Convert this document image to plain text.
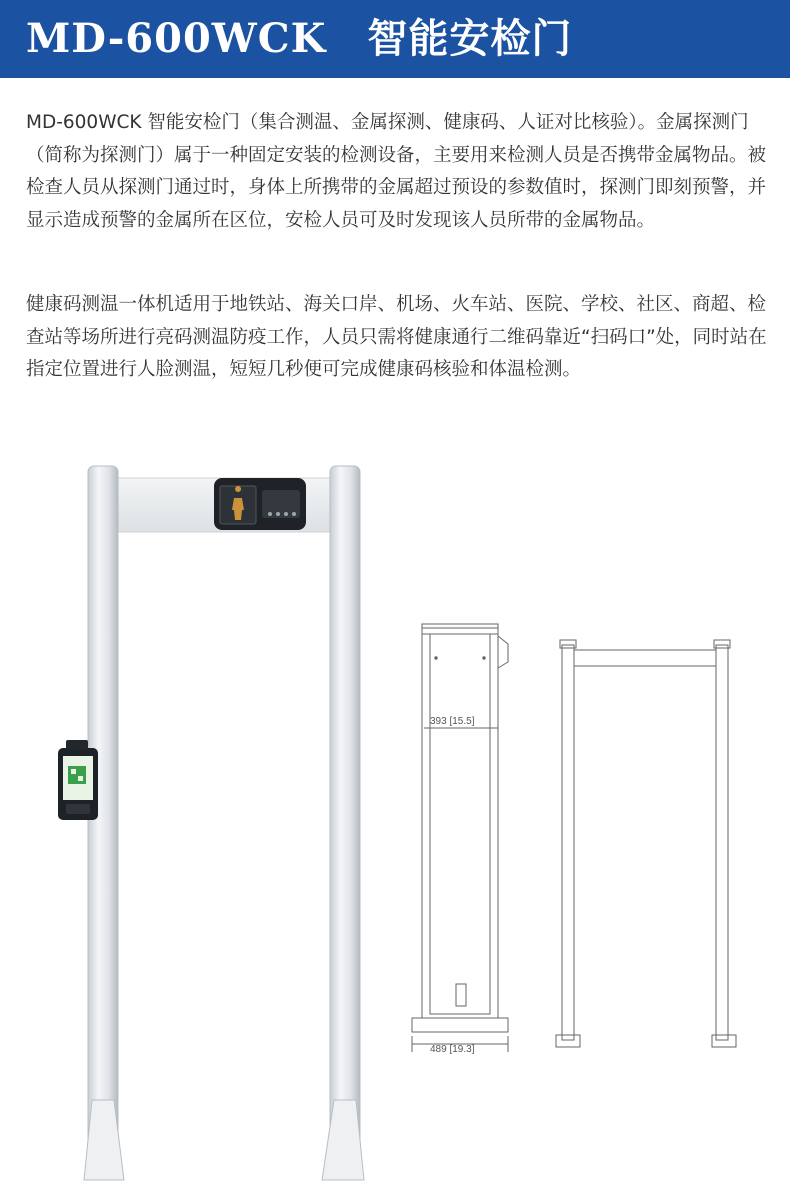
MD-600WCK　智能安检门

MD-600WCK 智能安检门（集合测温、金属探测、健康码、人证对比核验）。金属探测门（简称为探测门）属于一种固定安装的检测设备，主要用来检测人员是否携带金属物品。被检查人员从探测门通过时，身体上所携带的金属超过预设的参数值时，探测门即刻预警，并显示造成预警的金属所在区位，安检人员可及时发现该人员所带的金属物品。

健康码测温一体机适用于地铁站、海关口岸、机场、火车站、医院、学校、社区、商超、检查站等场所进行亮码测温防疫工作，人员只需将健康通行二维码靠近“扫码口”处，同时站在指定位置进行人脸测温，短短几秒便可完成健康码核验和体温检测。

393 [15.5]
489 [19.3]
